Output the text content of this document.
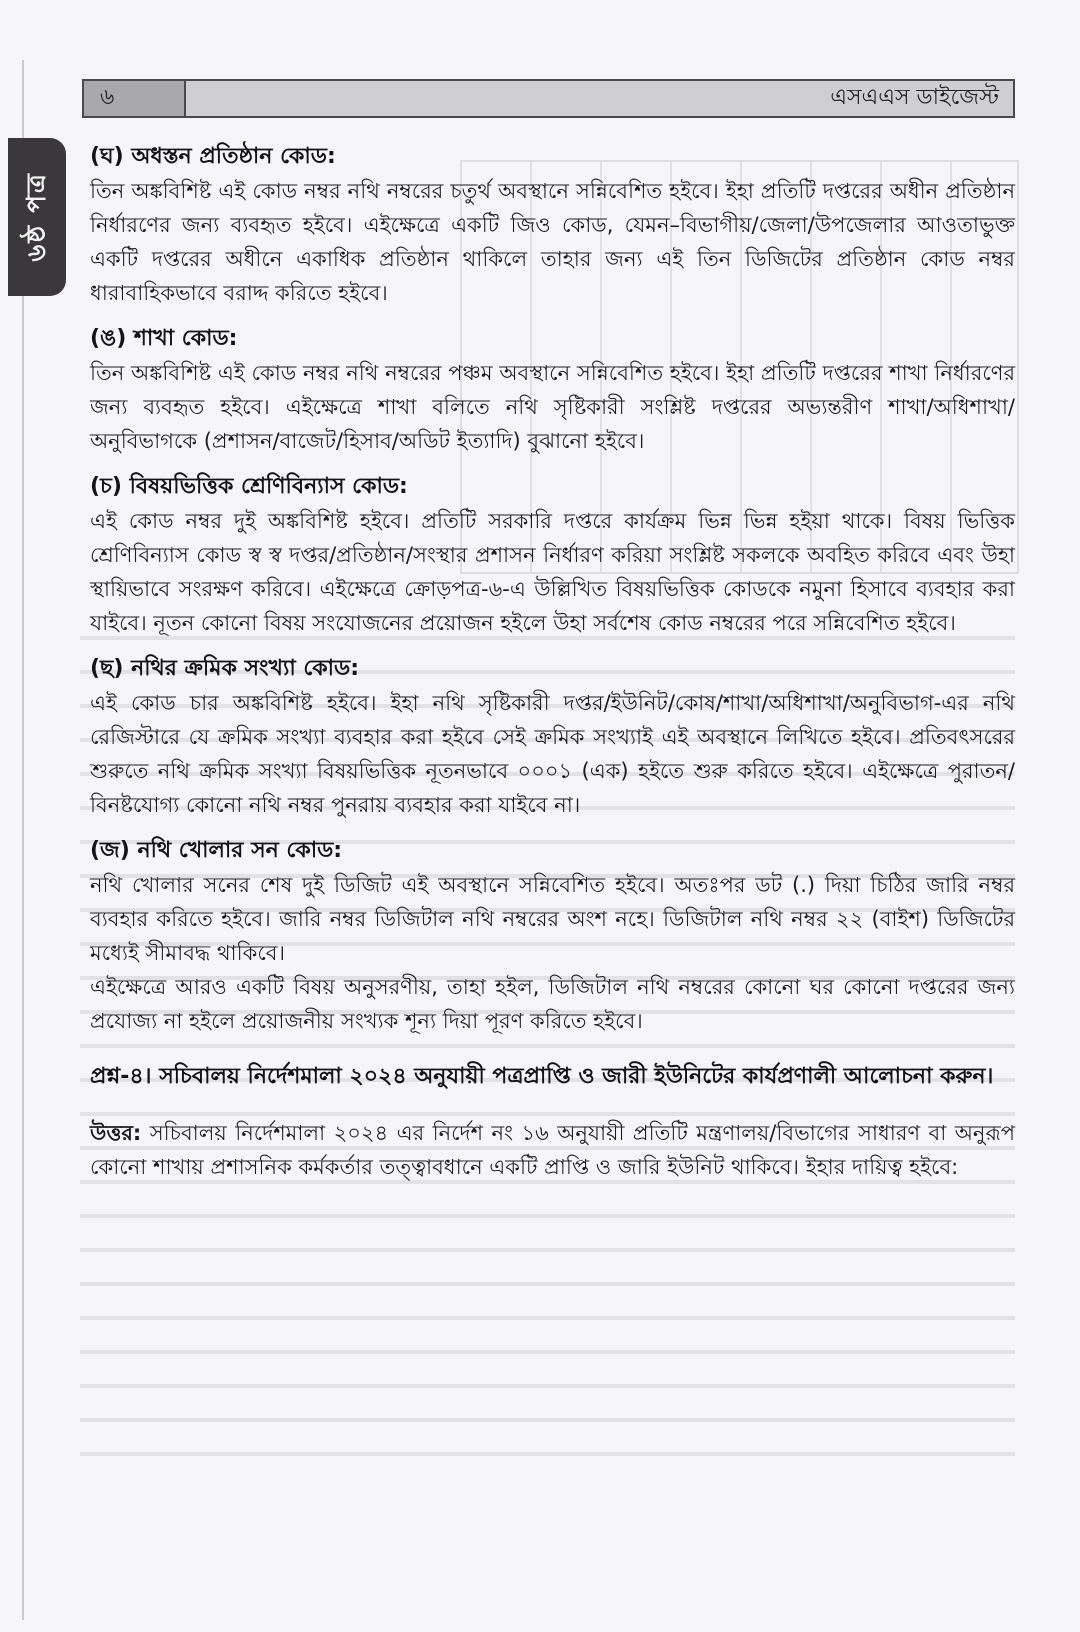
৬	এসএএস ডাইজেস্ট
৬ষ্ঠ পত্র
(ঘ) অধস্তন প্রতিষ্ঠান কোড:

তিন অঙ্কবিশিষ্ট এই কোড নম্বর নথি নম্বরের চতুর্থ অবস্থানে সন্নিবেশিত হইবে। ইহা প্রতিটি দপ্তরের অধীন প্রতিষ্ঠান নির্ধারণের জন্য ব্যবহৃত হইবে। এইক্ষেত্রে একটি জিও কোড, যেমন–বিভাগীয়/জেলা/উপজেলার আওতাভুক্ত একটি দপ্তরের অধীনে একাধিক প্রতিষ্ঠান থাকিলে তাহার জন্য এই তিন ডিজিটের প্রতিষ্ঠান কোড নম্বর ধারাবাহিকভাবে বরাদ্দ করিতে হইবে।

(ঙ) শাখা কোড:

তিন অঙ্কবিশিষ্ট এই কোড নম্বর নথি নম্বরের পঞ্চম অবস্থানে সন্নিবেশিত হইবে। ইহা প্রতিটি দপ্তরের শাখা নির্ধারণের জন্য ব্যবহৃত হইবে। এইক্ষেত্রে শাখা বলিতে নথি সৃষ্টিকারী সংশ্লিষ্ট দপ্তরের অভ্যন্তরীণ শাখা/অধিশাখা/অনুবিভাগকে (প্রশাসন/বাজেট/হিসাব/অডিট ইত্যাদি) বুঝানো হইবে।

(চ) বিষয়ভিত্তিক শ্রেণিবিন্যাস কোড:

এই কোড নম্বর দুই অঙ্কবিশিষ্ট হইবে। প্রতিটি সরকারি দপ্তরে কার্যক্রম ভিন্ন ভিন্ন হইয়া থাকে। বিষয় ভিত্তিক শ্রেণিবিন্যাস কোড স্ব স্ব দপ্তর/প্রতিষ্ঠান/সংস্থার প্রশাসন নির্ধারণ করিয়া সংশ্লিষ্ট সকলকে অবহিত করিবে এবং উহা স্থায়িভাবে সংরক্ষণ করিবে। এইক্ষেত্রে ক্রোড়পত্র-৬-এ উল্লিখিত বিষয়ভিত্তিক কোডকে নমুনা হিসাবে ব্যবহার করা যাইবে। নূতন কোনো বিষয় সংযোজনের প্রয়োজন হইলে উহা সর্বশেষ কোড নম্বরের পরে সন্নিবেশিত হইবে।

(ছ) নথির ক্রমিক সংখ্যা কোড:

এই কোড চার অঙ্কবিশিষ্ট হইবে। ইহা নথি সৃষ্টিকারী দপ্তর/ইউনিট/কোষ/শাখা/অধিশাখা/অনুবিভাগ-এর নথি রেজিস্টারে যে ক্রমিক সংখ্যা ব্যবহার করা হইবে সেই ক্রমিক সংখ্যাই এই অবস্থানে লিখিতে হইবে। প্রতিবৎসরের শুরুতে নথি ক্রমিক সংখ্যা বিষয়ভিত্তিক নূতনভাবে ০০০১ (এক) হইতে শুরু করিতে হইবে। এইক্ষেত্রে পুরাতন/বিনষ্টযোগ্য কোনো নথি নম্বর পুনরায় ব্যবহার করা যাইবে না।

(জ) নথি খোলার সন কোড:

নথি খোলার সনের শেষ দুই ডিজিট এই অবস্থানে সন্নিবেশিত হইবে। অতঃপর ডট (.) দিয়া চিঠির জারি নম্বর ব্যবহার করিতে হইবে। জারি নম্বর ডিজিটাল নথি নম্বরের অংশ নহে। ডিজিটাল নথি নম্বর ২২ (বাইশ) ডিজিটের মধ্যেই সীমাবদ্ধ থাকিবে।

এইক্ষেত্রে আরও একটি বিষয় অনুসরণীয়, তাহা হইল, ডিজিটাল নথি নম্বরের কোনো ঘর কোনো দপ্তরের জন্য প্রযোজ্য না হইলে প্রয়োজনীয় সংখ্যক শূন্য দিয়া পূরণ করিতে হইবে।

প্রশ্ন-৪। সচিবালয় নির্দেশমালা ২০২৪ অনুযায়ী পত্রপ্রাপ্তি ও জারী ইউনিটের কার্যপ্রণালী আলোচনা করুন।

উত্তর: সচিবালয় নির্দেশমালা ২০২৪ এর নির্দেশ নং ১৬ অনুযায়ী প্রতিটি মন্ত্রণালয়/বিভাগের সাধারণ বা অনুরূপ কোনো শাখায় প্রশাসনিক কর্মকর্তার তত্ত্বাবধানে একটি প্রাপ্তি ও জারি ইউনিট থাকিবে। ইহার দায়িত্ব হইবে:
